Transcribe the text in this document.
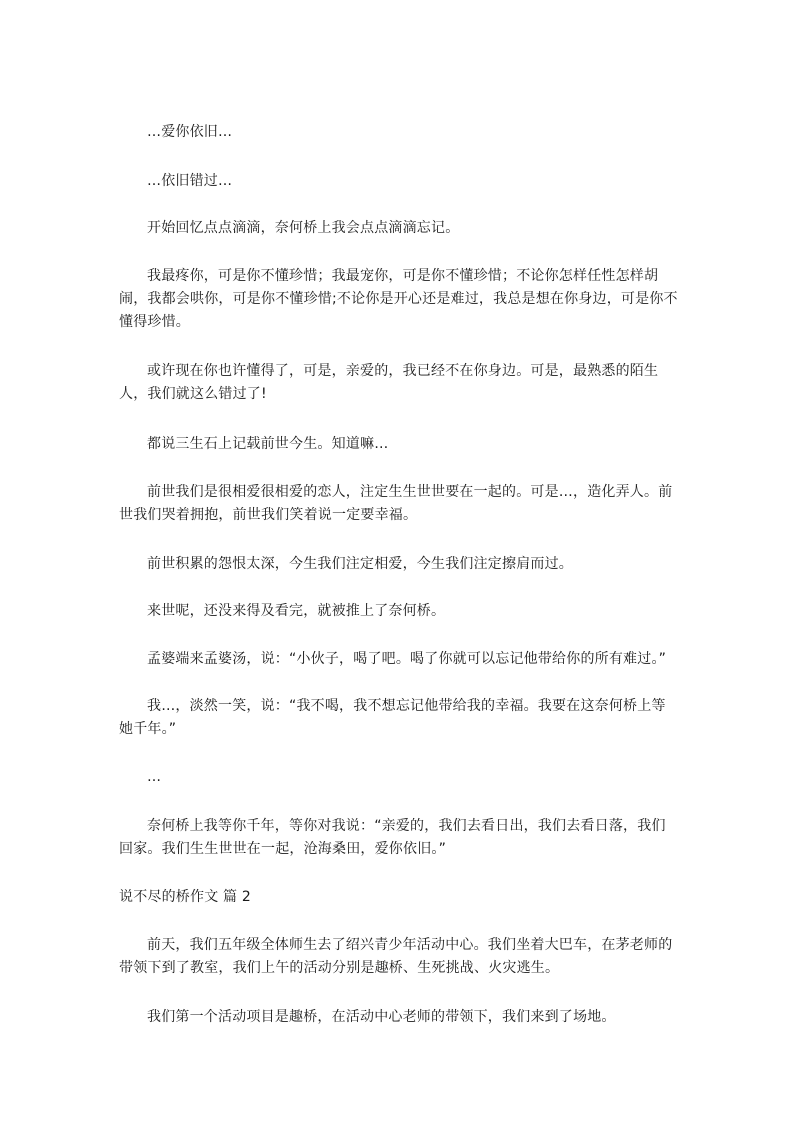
…爱你依旧…

…依旧错过…

开始回忆点点滴滴，奈何桥上我会点点滴滴忘记。

我最疼你，可是你不懂珍惜；我最宠你，可是你不懂珍惜；不论你怎样任性怎样胡闹，我都会哄你，可是你不懂珍惜;不论你是开心还是难过，我总是想在你身边，可是你不懂得珍惜。

或许现在你也许懂得了，可是，亲爱的，我已经不在你身边。可是，最熟悉的陌生人，我们就这么错过了!

都说三生石上记载前世今生。知道嘛…

前世我们是很相爱很相爱的恋人，注定生生世世要在一起的。可是…，造化弄人。前世我们哭着拥抱，前世我们笑着说一定要幸福。

前世积累的怨恨太深，今生我们注定相爱，今生我们注定擦肩而过。

来世呢，还没来得及看完，就被推上了奈何桥。

孟婆端来孟婆汤，说：“小伙子，喝了吧。喝了你就可以忘记他带给你的所有难过。”

我…，淡然一笑，说：“我不喝，我不想忘记他带给我的幸福。我要在这奈何桥上等她千年。”

…

奈何桥上我等你千年，等你对我说：“亲爱的，我们去看日出，我们去看日落，我们回家。我们生生世世在一起，沧海桑田，爱你依旧。”

说不尽的桥作文 篇 2

前天，我们五年级全体师生去了绍兴青少年活动中心。我们坐着大巴车，在茅老师的带领下到了教室，我们上午的活动分别是趣桥、生死挑战、火灾逃生。

我们第一个活动项目是趣桥，在活动中心老师的带领下，我们来到了场地。
